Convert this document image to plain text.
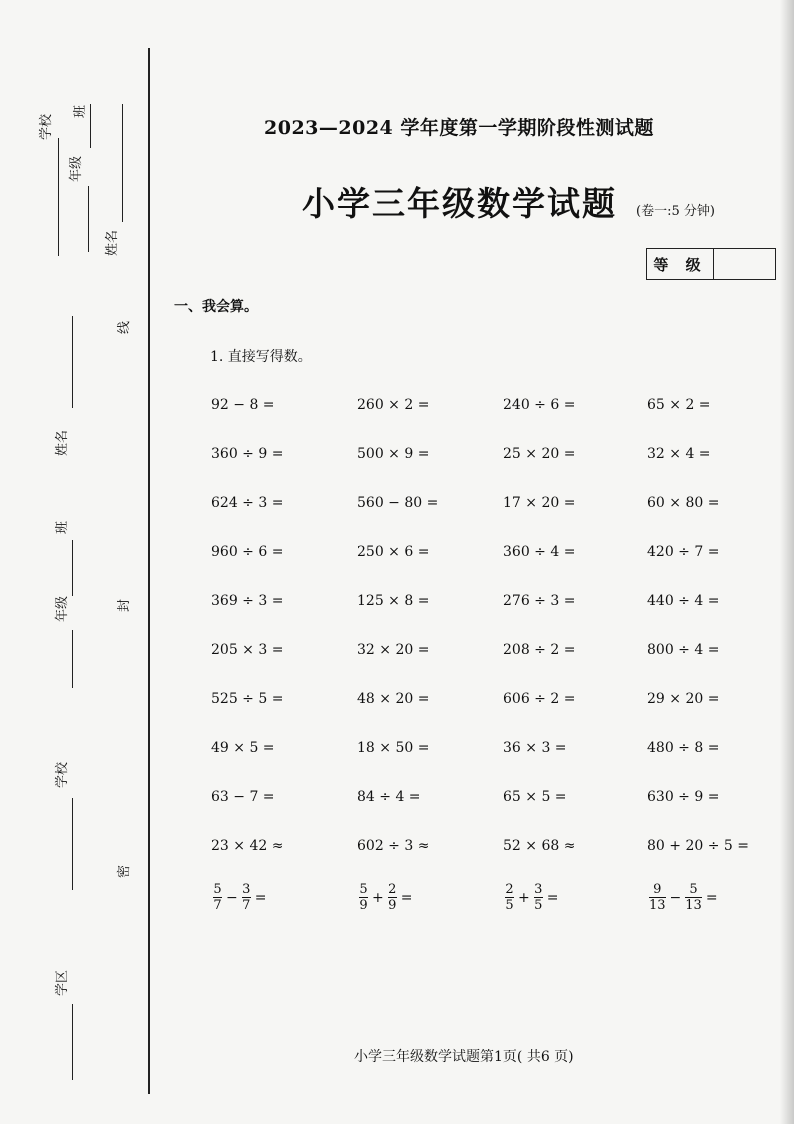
学校
年级
班
姓名
线
姓名
班
年级	封
学校
密
学区
2023—2024 学年度第一学期阶段性测试题
小学三年级数学试题 (卷一:5 分钟)
等 级
一、我会算。
1. 直接写得数。
92 − 8 =	260 × 2 =	240 ÷ 6 =	65 × 2 =
360 ÷ 9 =	500 × 9 =	25 × 20 =	32 × 4 =
624 ÷ 3 =	560 − 80 =	17 × 20 =	60 × 80 =
960 ÷ 6 =	250 × 6 =	360 ÷ 4 =	420 ÷ 7 =
369 ÷ 3 =	125 × 8 =	276 ÷ 3 =	440 ÷ 4 =
205 × 3 =	32 × 20 =	208 ÷ 2 =	800 ÷ 4 =
525 ÷ 5 =	48 × 20 =	606 ÷ 2 =	29 × 20 =
49 × 5 =	18 × 50 =	36 × 3 =	480 ÷ 8 =
63 − 7 =	84 ÷ 4 =	65 × 5 =	630 ÷ 9 =
23 × 42 ≈	602 ÷ 3 ≈	52 × 68 ≈	80 + 20 ÷ 5 =
$\frac{5}{7} - \frac{3}{7}$ =	$\frac{5}{9} + \frac{2}{9}$ =	$\frac{2}{5} + \frac{3}{5}$ =	$\frac{9}{13} - \frac{5}{13}$ =
小学三年级数学试题第1页( 共6 页)
